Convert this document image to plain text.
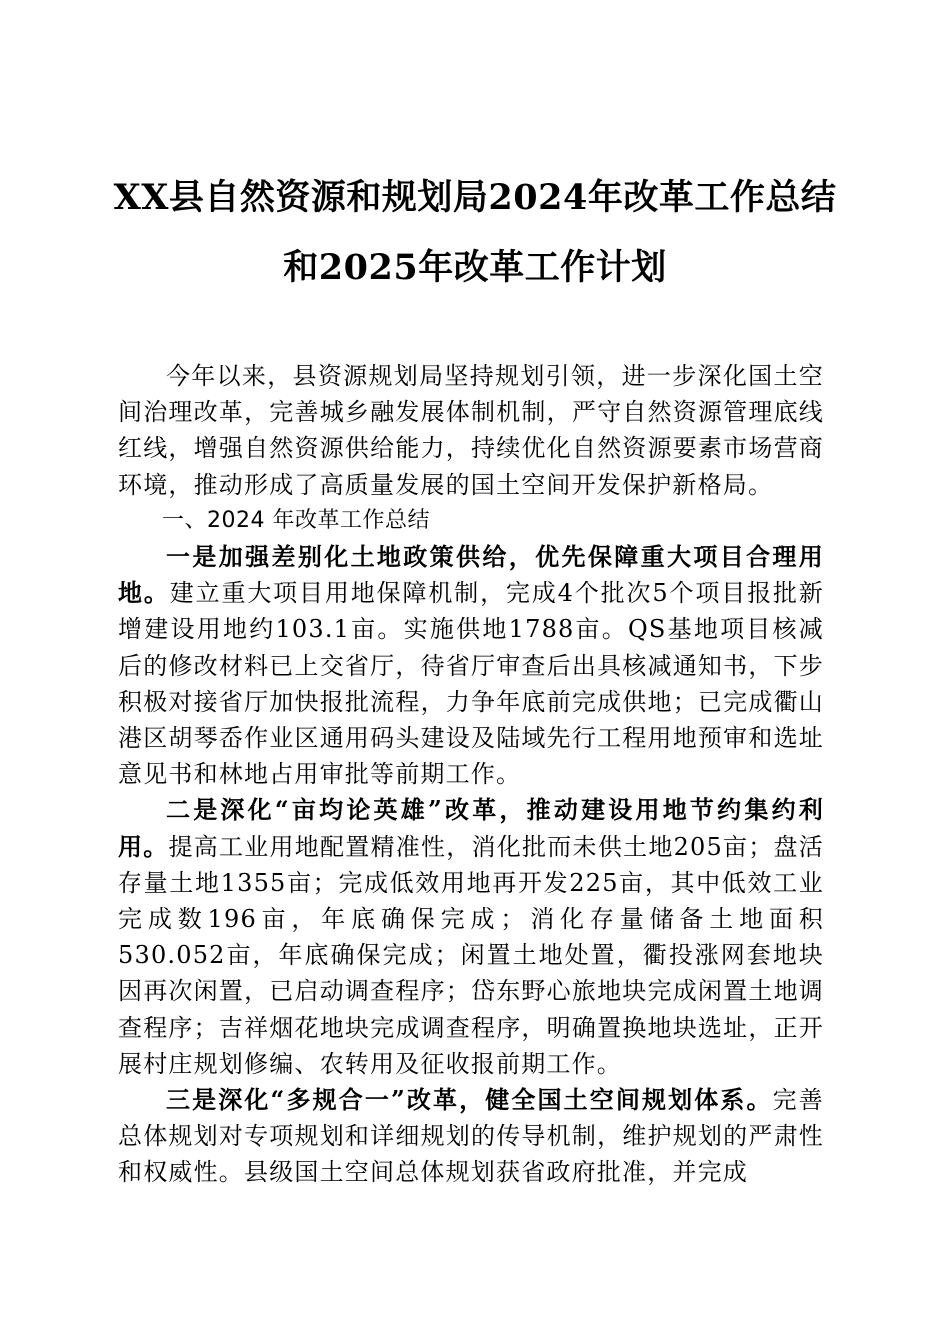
XX县自然资源和规划局2024年改革工作总结
和2025年改革工作计划

今年以来，县资源规划局坚持规划引领，进一步深化国土空间治理改革，完善城乡融发展体制机制，严守自然资源管理底线红线，增强自然资源供给能力，持续优化自然资源要素市场营商环境，推动形成了高质量发展的国土空间开发保护新格局。

一、2024 年改革工作总结

一是加强差别化土地政策供给，优先保障重大项目合理用地。建立重大项目用地保障机制，完成4个批次5个项目报批新增建设用地约103.1亩。实施供地1788亩。QS基地项目核减后的修改材料已上交省厅，待省厅审查后出具核减通知书，下步积极对接省厅加快报批流程，力争年底前完成供地；已完成衢山港区胡琴岙作业区通用码头建设及陆域先行工程用地预审和选址意见书和林地占用审批等前期工作。

二是深化“亩均论英雄”改革，推动建设用地节约集约利用。提高工业用地配置精准性，消化批而未供土地205亩；盘活存量土地1355亩；完成低效用地再开发225亩，其中低效工业完成数196亩，年底确保完成；消化存量储备土地面积530.052亩，年底确保完成；闲置土地处置，衢投涨网套地块因再次闲置，已启动调查程序；岱东野心旅地块完成闲置土地调查程序；吉祥烟花地块完成调查程序，明确置换地块选址，正开展村庄规划修编、农转用及征收报前期工作。

三是深化“多规合一”改革，健全国土空间规划体系。完善总体规划对专项规划和详细规划的传导机制，维护规划的严肃性和权威性。县级国土空间总体规划获省政府批准，并完成
